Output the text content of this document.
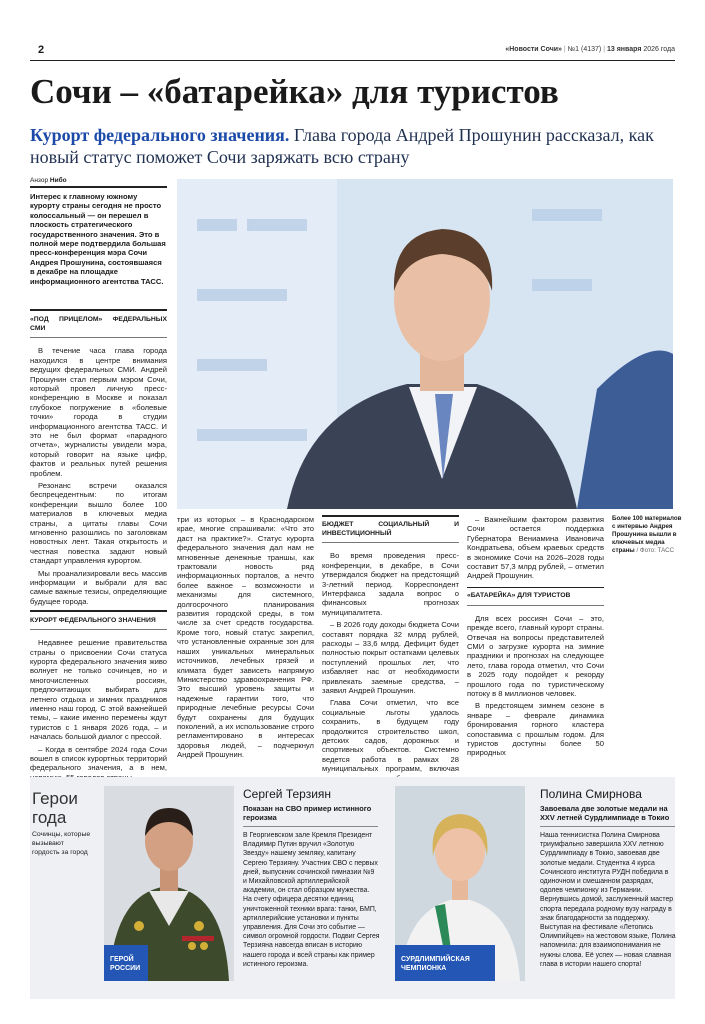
2	«Новости Сочи» | №1 (4137) | 13 января 2026 года
Сочи – «батарейка» для туристов
Курорт федерального значения. Глава города Андрей Прошунин рассказал, как новый статус поможет Сочи заряжать всю страну
Анзор Нибо
Интерес к главному южному курорту страны сегодня не просто колоссальный — он перешел в плоскость стратегического государственного значения. Это в полной мере подтвердила большая пресс-конференция мэра Сочи Андрея Прошунина, состоявшаяся в декабре на площадке информационного агентства ТАСС.
«ПОД ПРИЦЕЛОМ» ФЕДЕРАЛЬНЫХ СМИ

В течение часа глава города находился в центре внимания ведущих федеральных СМИ. Андрей Прошунин стал первым мэром Сочи, который провел личную пресс-конференцию в Москве и показал глубокое погружение в «болевые точки» города в студии информационного агентства ТАСС. И это не был формат «парадного отчета», журналисты увидели мэра, который говорит на языке цифр, фактов и реальных путей решения проблем.

Резонанс встречи оказался беспрецедентным: по итогам конференции вышло более 100 материалов в ключевых медиа страны, а цитаты главы Сочи мгновенно разошлись по заголовкам новостных лент. Такая открытость и честная повестка задают новый стандарт управления курортом.

Мы проанализировали весь массив информации и выбрали для вас самые важные тезисы, определяющие будущее города.

КУРОРТ ФЕДЕРАЛЬНОГО ЗНАЧЕНИЯ

Недавнее решение правительства страны о присвоении Сочи статуса курорта федерального значения живо волнует не только сочинцев, но и многочисленных россиян, предпочитающих выбирать для летнего отдыха и зимних праздников именно наш город. С этой важнейшей темы, – какие именно перемены ждут туристов с 1 января 2026 года, – и началась большой диалог с прессой.

– Когда в сентябре 2024 года Сочи вошел в список курортных территорий федерального значения, а в нем,

Более 100 материалов с интервью Андрея Прошунина вышли в ключевых медиа страны / Фото: ТАСС

три из которых – в Краснодарском крае, многие спрашивали: «Что это даст на практике?». Статус курорта федерального значения дал нам не мгновенные денежные траншы, как трактовали новость ряд информационных порталов, а нечто более важное – возможности и механизмы для системного, долгосрочного планирования развития городской среды, в том числе за счет средств государства. Кроме того, новый статус закрепил, что установленные охранные зон для наших уникальных минеральных источников, лечебных грязей и климата будет зависеть напрямую Министерство здравоохранения РФ. Это высший уровень защиты и надежные гарантии того, что природные лечебные ресурсы Сочи будут сохранены для будущих поколений, а их использование строго регламентировано в интересах здоровья людей, – подчеркнул Андрей Прошунин.

БЮДЖЕТ СОЦИАЛЬНЫЙ И ИНВЕСТИЦИОННЫЙ

Во время проведения пресс-конференции, в декабре, в Сочи утверждался бюджет на предстоящий 3-летний период. Корреспондент Интерфакса задала вопрос о финансовых прогнозах муниципалитета.

– В 2026 году доходы бюджета Сочи составят порядка 32 млрд рублей, расходы – 33,6 млрд. Дефицит будет полностью покрыт остатками целевых поступлений прошлых лет, что избавляет нас от необходимости привлекать заемные средства, – заявил Андрей Прошунин.

Глава Сочи отметил, что все социальные льготы удалось сохранить, в будущем году продолжится строительство школ, детских садов, дорожных и спортивных объектов. Системно ведется работа в рамках 28 муниципальных программ, включая

– Важнейшим фактором развития Сочи остается поддержка Губернатора Вениамина Ивановича Кондратьева, объем краевых средств в экономике Сочи на 2026–2028 годы составит 57,3 млрд рублей, – отметил Андрей Прошунин.

«БАТАРЕЙКА» ДЛЯ ТУРИСТОВ

Для всех россиян Сочи – это, прежде всего, главный курорт страны. Отвечая на вопросы представителей СМИ о загрузке курорта на зимние праздники и прогнозах на следующее лето, глава города отметил, что Сочи в 2025 году подойдет к рекорду прошлого года по туристическому потоку в 8 миллионов человек.

В предстоящем зимнем сезоне в январе – феврале динамика бронирования горного кластера сопоставима с прошлым годом. Для туристов доступны более 50 природных

Герои
года
Сочинцы, которые вызывают гордость за город
ГЕРОЙ
РОССИИ
Сергей Терзиян
Показан на СВО пример истинного героизма
В Георгиевском зале Кремля Президент Владимир Путин вручил «Золотую Звезду» нашему земляку, капитану Сергею Терзияну. Участник СВО с первых дней, выпускник сочинской гимназии №9 и Михайловской артиллерийской академии, он стал образцом мужества. На счету офицера десятки единиц уничтоженной техники врага: танки, БМП, артиллерийские установки и пункты управления. Для Сочи это событие — символ огромной гордости. Подвиг Сергея Терзияна навсегда вписан в историю нашего города и всей страны как пример истинного героизма.
СУРДЛИМПИЙСКАЯ
ЧЕМПИОНКА
Полина Смирнова
Завоевала две золотые медали на XXV летней Сурдлимпиаде в Токио
Наша теннисистка Полина Смирнова триумфально завершила XXV летнюю Сурдлимпиаду в Токио, завоевав две золотые медали. Студентка 4 курса Сочинского института РУДН победила в одиночном и смешанном разрядах, одолев чемпионку из Германии. Вернувшись домой, заслуженный мастер спорта передала родному вузу награду в знак благодарности за поддержку. Выступая на фестивале «Летопись Олимпийцев» на жестовом языке, Полина напомнила: для взаимопонимания не нужны слова. Её успех — новая славная глава в истории нашего спорта!
